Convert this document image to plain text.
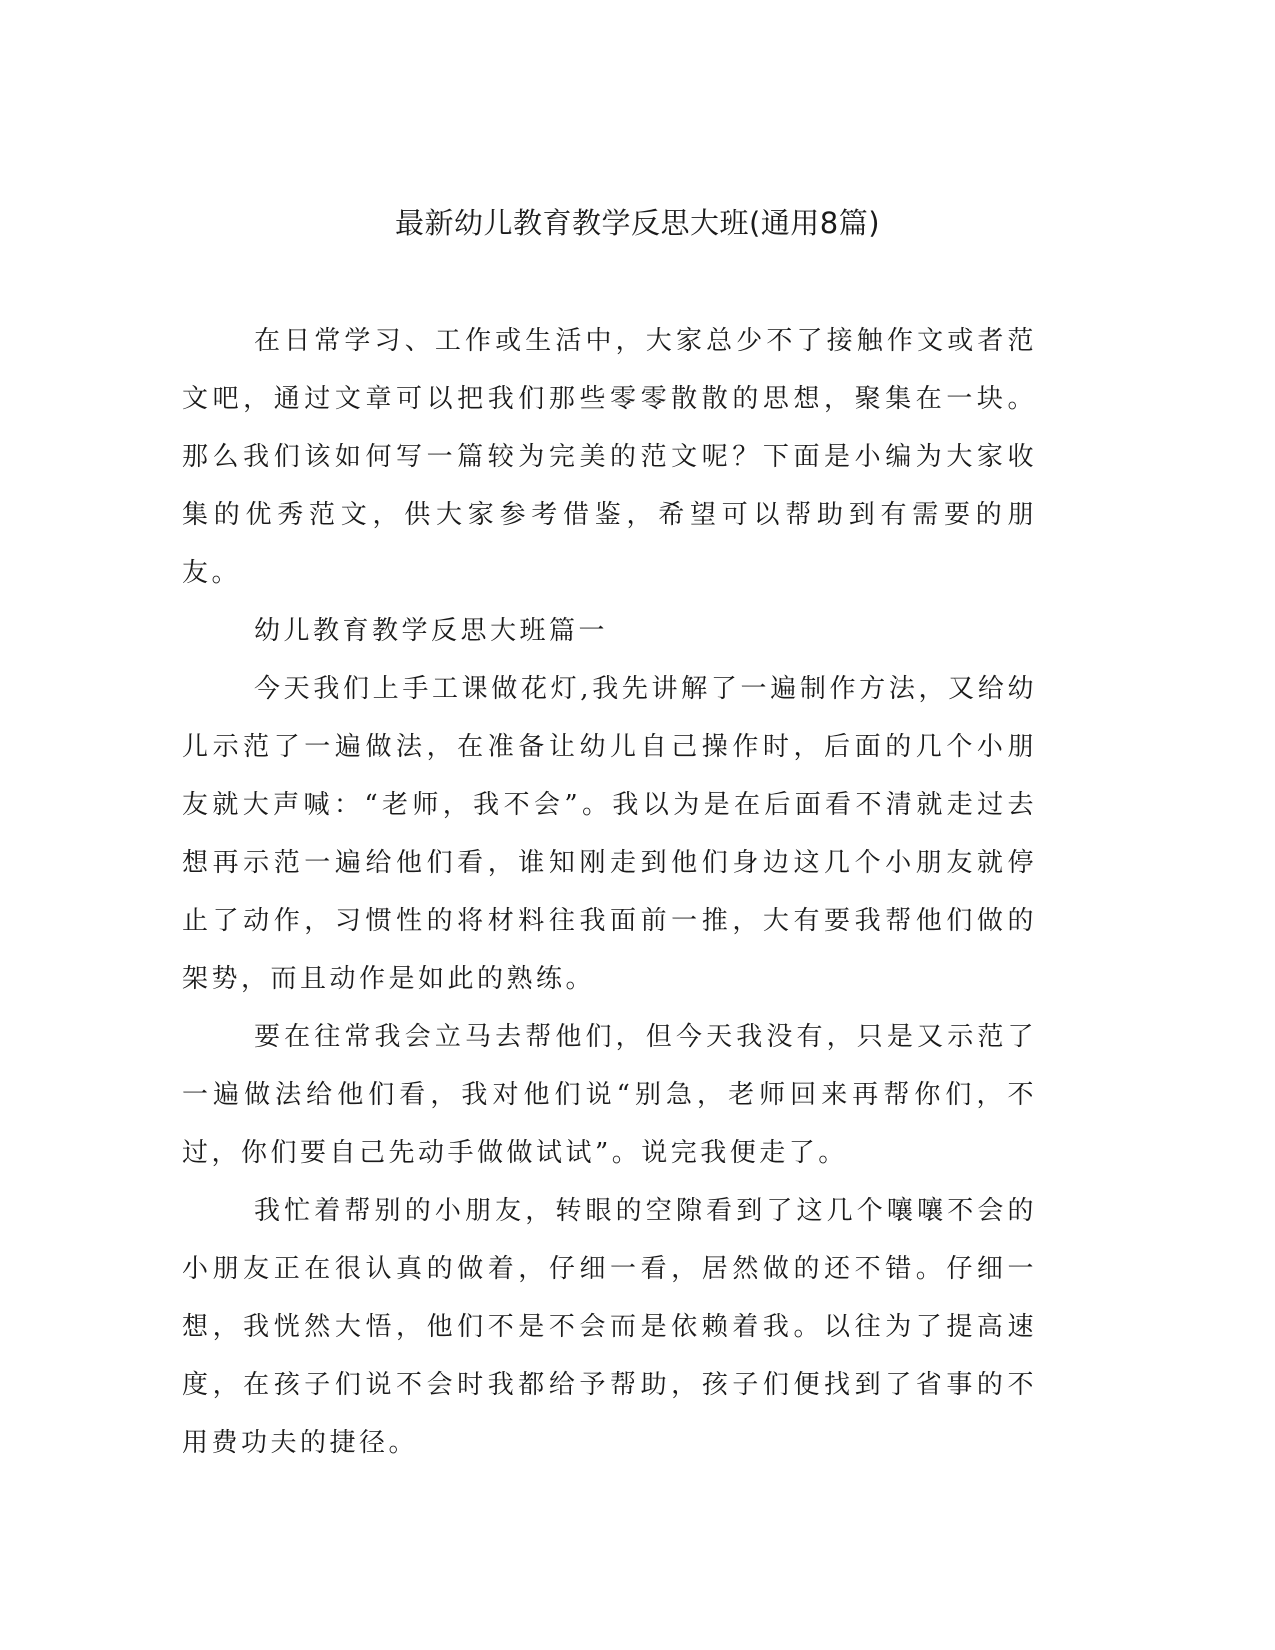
最新幼儿教育教学反思大班(通用8篇)

在日常学习、工作或生活中，大家总少不了接触作文或者范文吧，通过文章可以把我们那些零零散散的思想，聚集在一块。那么我们该如何写一篇较为完美的范文呢？下面是小编为大家收集的优秀范文，供大家参考借鉴，希望可以帮助到有需要的朋友。

幼儿教育教学反思大班篇一

今天我们上手工课做花灯,我先讲解了一遍制作方法，又给幼儿示范了一遍做法，在准备让幼儿自己操作时，后面的几个小朋友就大声喊：“老师，我不会”。我以为是在后面看不清就走过去想再示范一遍给他们看，谁知刚走到他们身边这几个小朋友就停止了动作，习惯性的将材料往我面前一推，大有要我帮他们做的架势，而且动作是如此的熟练。

要在往常我会立马去帮他们，但今天我没有，只是又示范了一遍做法给他们看，我对他们说“别急，老师回来再帮你们，不过，你们要自己先动手做做试试”。说完我便走了。

我忙着帮别的小朋友，转眼的空隙看到了这几个嚷嚷不会的小朋友正在很认真的做着，仔细一看，居然做的还不错。仔细一想，我恍然大悟，他们不是不会而是依赖着我。以往为了提高速度，在孩子们说不会时我都给予帮助，孩子们便找到了省事的不用费功夫的捷径。
